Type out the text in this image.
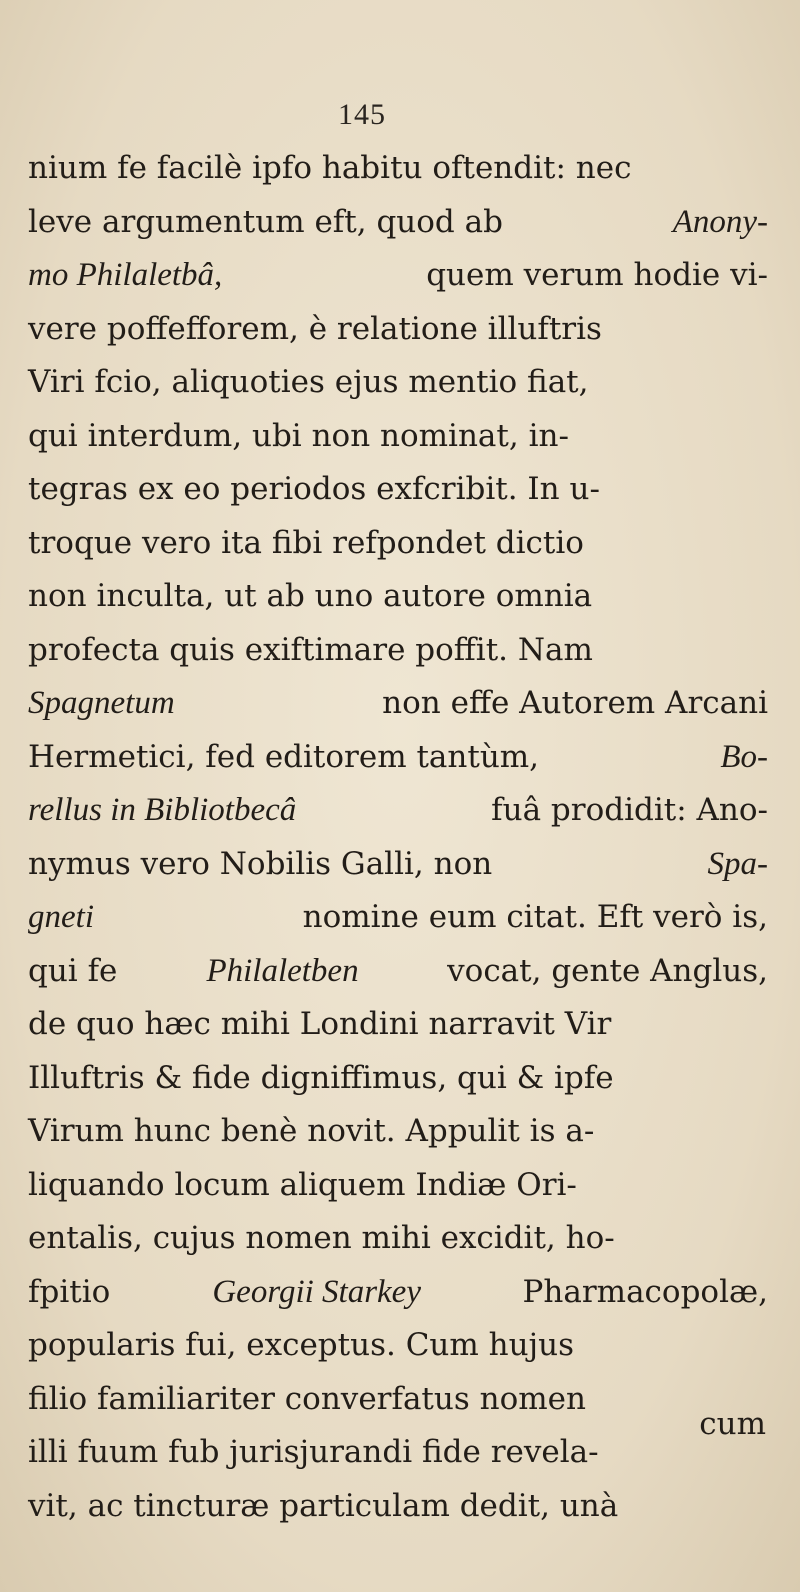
145
nium fe facilè ipfo habitu oftendit: nec
leve argumentum eft, quod ab	Anony-
mo Philaletbâ,	quem verum hodie vi-
vere poffefforem, è relatione illuftris
Viri fcio, aliquoties ejus mentio fiat,
qui interdum, ubi non nominat, in-
tegras ex eo periodos exfcribit. In u-
troque vero ita fibi refpondet dictio
non inculta, ut ab uno autore omnia
profecta quis exiftimare poffit. Nam
Spagnetum	non effe Autorem Arcani
Hermetici, fed editorem tantùm,	Bo-
rellus in Bibliotbecâ	fuâ prodidit: Ano-
nymus vero Nobilis Galli, non	Spa-
gneti	nomine eum citat. Eft verò is,
qui fe	Philaletben	vocat, gente Anglus,
de quo hæc mihi Londini narravit Vir
Illuftris & fide digniffimus, qui & ipfe
Virum hunc benè novit. Appulit is a-
liquando locum aliquem Indiæ Ori-
entalis, cujus nomen mihi excidit, ho-
fpitio	Georgii Starkey	Pharmacopolæ,
popularis fui, exceptus. Cum hujus
filio familiariter converfatus nomen
illi fuum fub jurisjurandi fide revela-
vit, ac tincturæ particulam dedit, unà
cum
